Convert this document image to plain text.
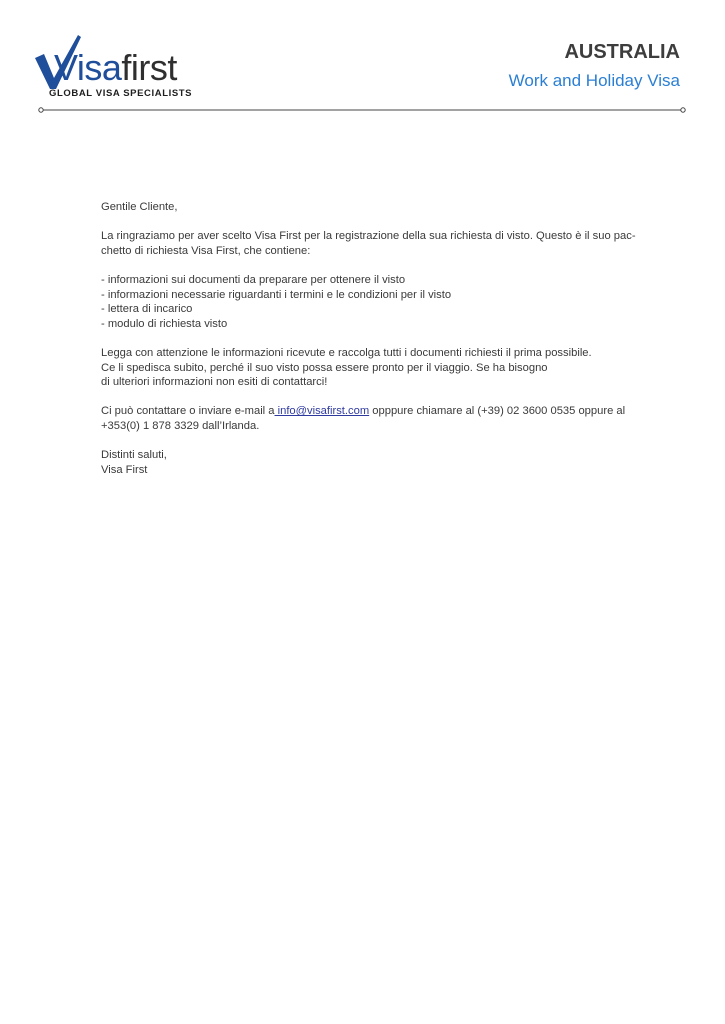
Visafirst
GLOBAL VISA SPECIALISTS
AUSTRALIA
Work and Holiday Visa

Gentile Cliente,

La ringraziamo per aver scelto Visa First per la registrazione della sua richiesta di visto. Questo è il suo pac-

chetto di richiesta Visa First, che contiene:

- informazioni sui documenti da preparare per ottenere il visto

- informazioni necessarie riguardanti i termini e le condizioni per il visto

- lettera di incarico

- modulo di richiesta visto

Legga con attenzione le informazioni ricevute e raccolga tutti i documenti richiesti il prima possibile.

Ce li spedisca subito, perché il suo visto possa essere pronto per il viaggio. Se ha bisogno

di ulteriori informazioni non esiti di contattarci!

Ci può contattare o inviare e-mail a info@visafirst.com opppure chiamare al (+39) 02 3600 0535 oppure al

+353(0) 1 878 3329 dall’Irlanda.

Distinti saluti,

Visa First
